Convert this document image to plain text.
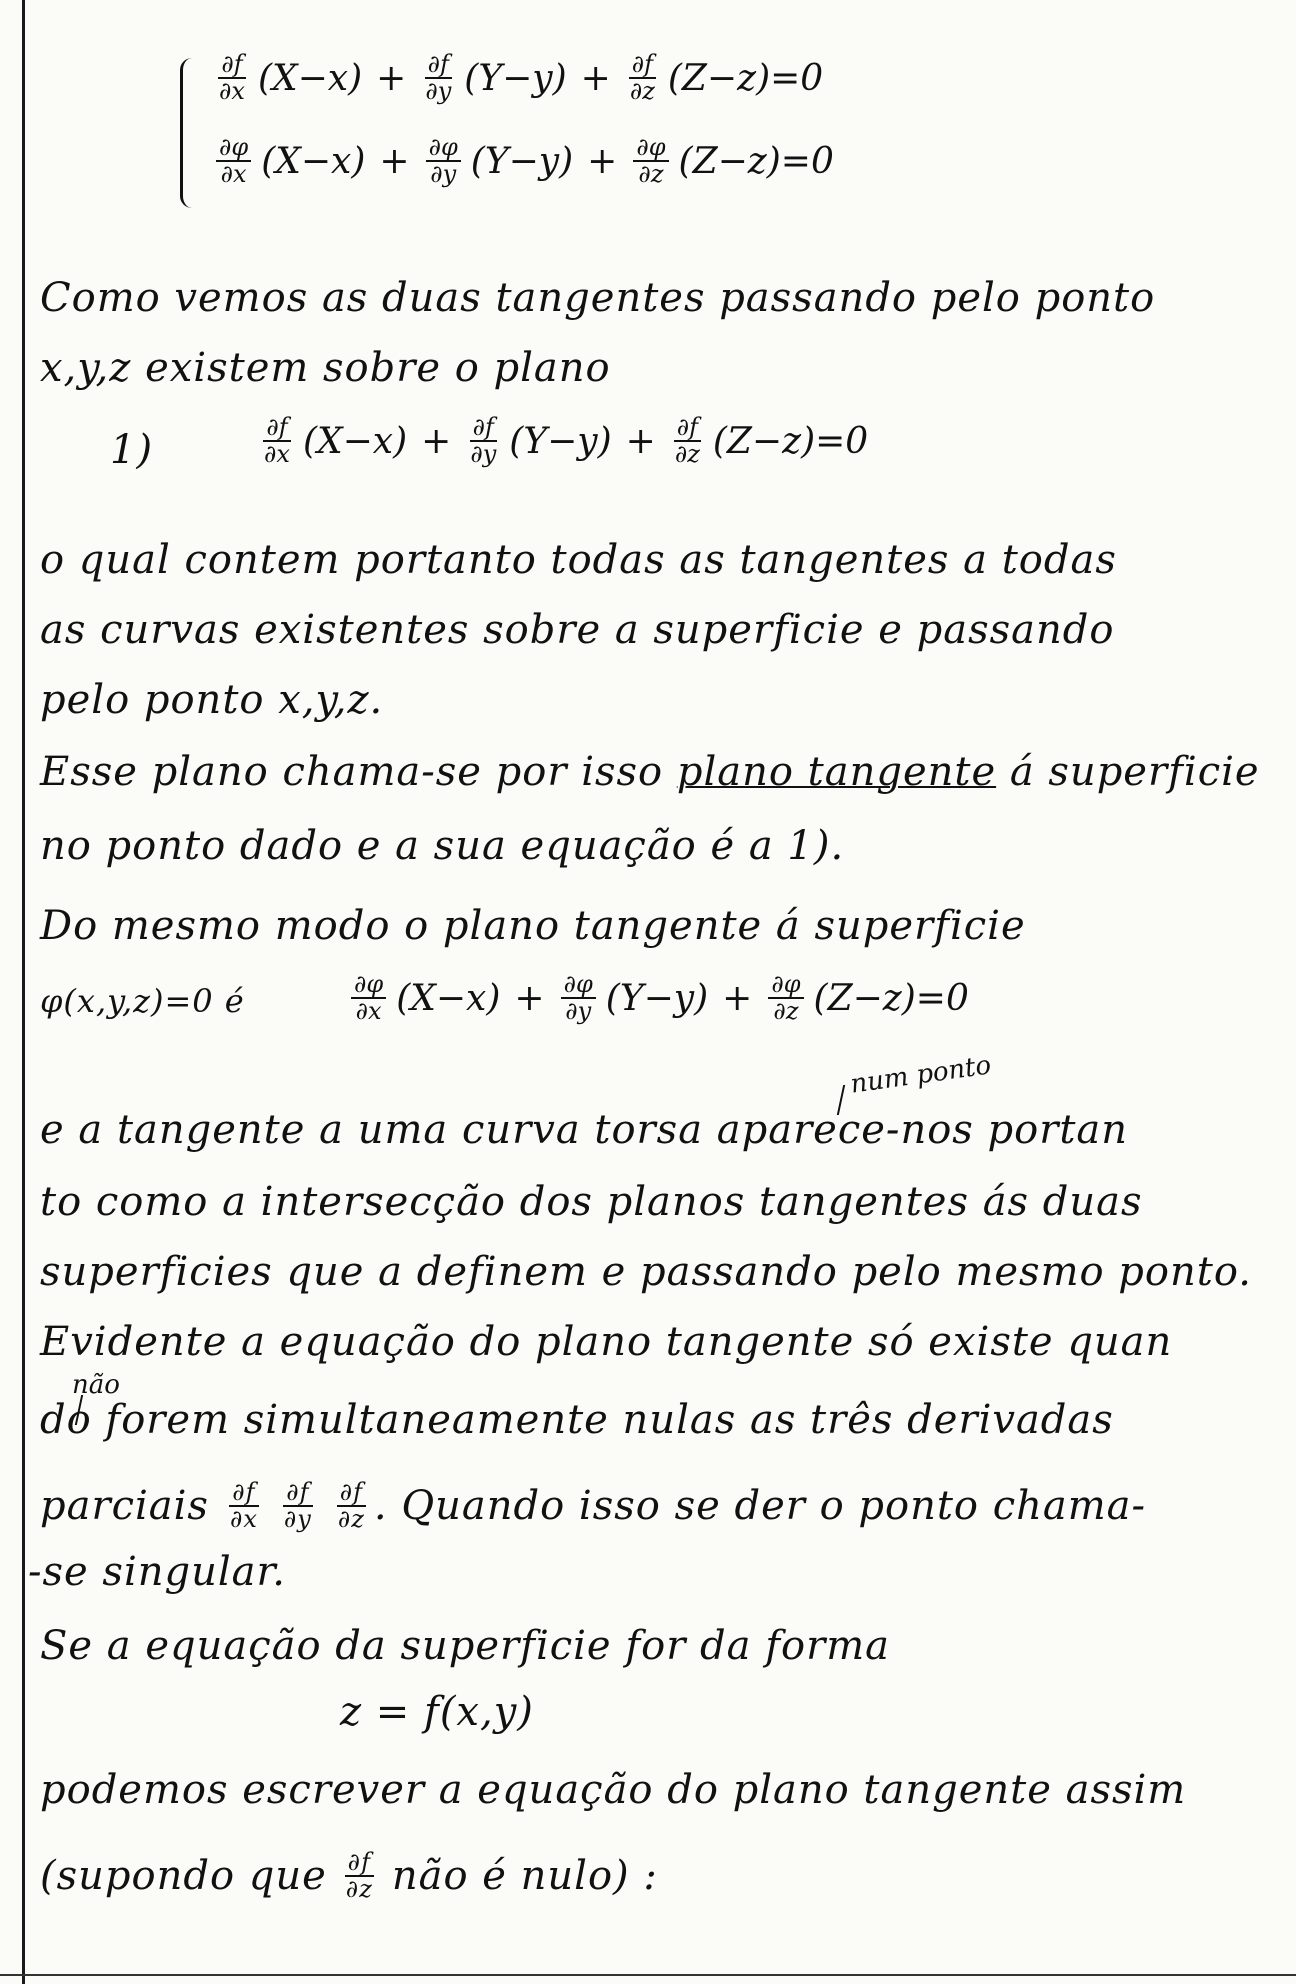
$\frac{\partial f}{\partial x} (X-x) + \frac{\partial f}{\partial y} (Y-y) + \frac{\partial f}{\partial z} (Z-z)=0$
$\frac{\partial\varphi}{\partial x} (X-x) + \frac{\partial\varphi}{\partial y} (Y-y) + \frac{\partial\varphi}{\partial z} (Z-z)=0$
Como vemos as duas tangentes passando pelo ponto
x,y,z existem sobre o plano
1)	$\frac{\partial f}{\partial x} (X-x) + \frac{\partial f}{\partial y} (Y-y) + \frac{\partial f}{\partial z} (Z-z)=0$
o qual contem portanto todas as tangentes a todas
as curvas existentes sobre a superficie e passando
pelo ponto x,y,z.
Esse plano chama-se por isso plano tangente á superficie
no ponto dado e a sua equação é a 1).
Do mesmo modo o plano tangente á superficie
φ(x,y,z)=0 é	$\frac{\partial\varphi}{\partial x} (X-x) + \frac{\partial\varphi}{\partial y} (Y-y) + \frac{\partial\varphi}{\partial z} (Z-z)=0$
num ponto
e a tangente a uma curva torsa aparece-nos portan
to como a intersecção dos planos tangentes ás duas
superficies que a definem e passando pelo mesmo ponto.
Evidente a equação do plano tangente só existe quan
não
do forem simultaneamente nulas as três derivadas
parciais $\frac{\partial f}{\partial x} \frac{\partial f}{\partial y} \frac{\partial f}{\partial z}$ . Quando isso se der o ponto chama-
-se singular.
Se a equação da superficie for da forma
z = f(x,y)
podemos escrever a equação do plano tangente assim
(supondo que $\frac{\partial f}{\partial z}$ não é nulo) :
